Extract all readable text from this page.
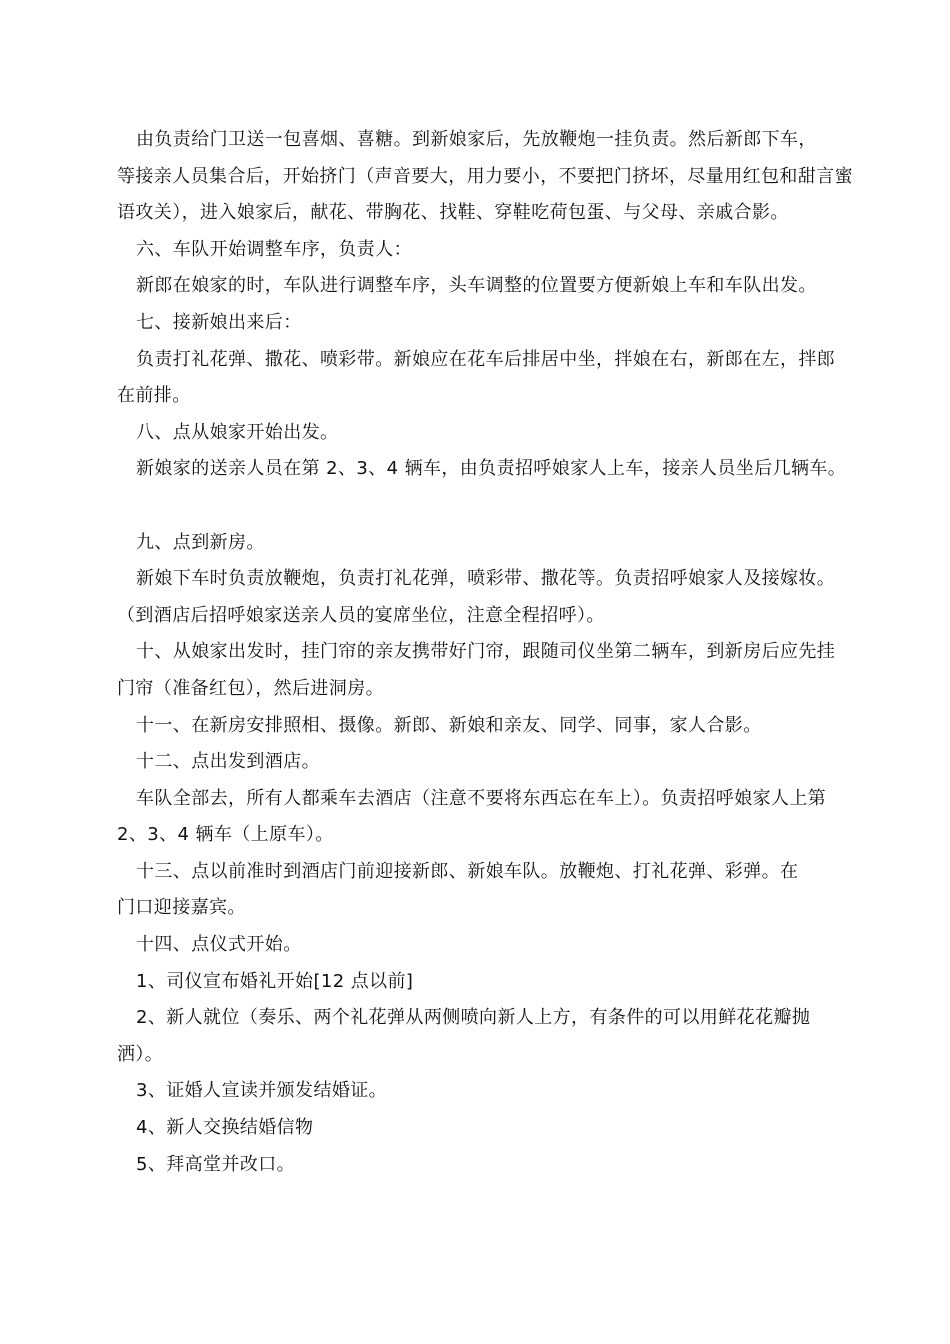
由负责给门卫送一包喜烟、喜糖。到新娘家后，先放鞭炮一挂负责。然后新郎下车，
等接亲人员集合后，开始挤门（声音要大，用力要小，不要把门挤坏，尽量用红包和甜言蜜
语攻关），进入娘家后，献花、带胸花、找鞋、穿鞋吃荷包蛋、与父母、亲戚合影。
六、车队开始调整车序，负责人：
新郎在娘家的时，车队进行调整车序，头车调整的位置要方便新娘上车和车队出发。
七、接新娘出来后：
负责打礼花弹、撒花、喷彩带。新娘应在花车后排居中坐，拌娘在右，新郎在左，拌郎
在前排。
八、点从娘家开始出发。
新娘家的送亲人员在第 2、3、4 辆车，由负责招呼娘家人上车，接亲人员坐后几辆车。
九、点到新房。
新娘下车时负责放鞭炮，负责打礼花弹，喷彩带、撒花等。负责招呼娘家人及接嫁妆。
（到酒店后招呼娘家送亲人员的宴席坐位，注意全程招呼）。
十、从娘家出发时，挂门帘的亲友携带好门帘，跟随司仪坐第二辆车，到新房后应先挂
门帘（准备红包），然后进洞房。
十一、在新房安排照相、摄像。新郎、新娘和亲友、同学、同事，家人合影。
十二、点出发到酒店。
车队全部去，所有人都乘车去酒店（注意不要将东西忘在车上）。负责招呼娘家人上第
2、3、4 辆车（上原车）。
十三、点以前准时到酒店门前迎接新郎、新娘车队。放鞭炮、打礼花弹、彩弹。在
门口迎接嘉宾。
十四、点仪式开始。
1、司仪宣布婚礼开始[12 点以前]
2、新人就位（奏乐、两个礼花弹从两侧喷向新人上方，有条件的可以用鲜花花瓣抛
洒）。
3、证婚人宣读并颁发结婚证。
4、新人交换结婚信物
5、拜高堂并改口。
